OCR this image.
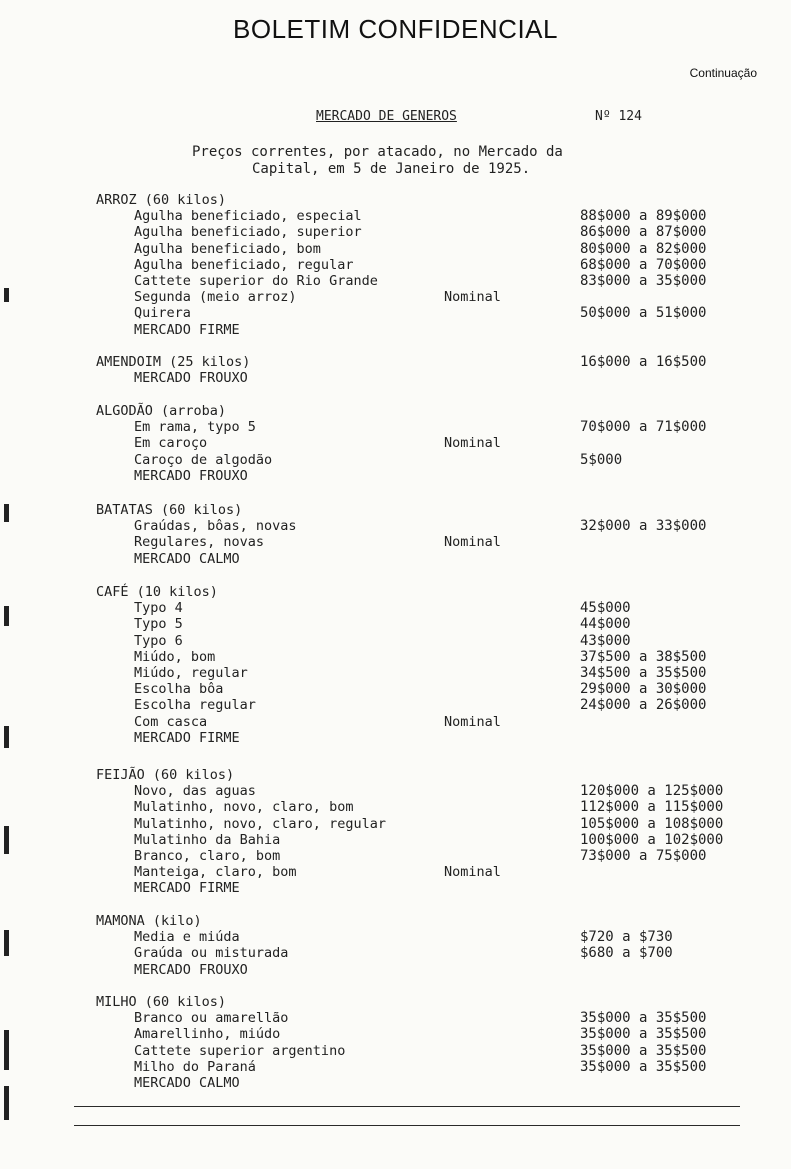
BOLETIM CONFIDENCIAL
Continuação
MERCADO DE GENEROS	Nº 124
Preços correntes, por atacado, no Mercado da
Capital, em 5 de Janeiro de 1925.
ARROZ (60 kilos)
Agulha beneficiado, especial	88$000 a 89$000
Agulha beneficiado, superior	86$000 a 87$000
Agulha beneficiado, bom	80$000 a 82$000
Agulha beneficiado, regular	68$000 a 70$000
Cattete superior do Rio Grande	83$000 a 35$000
Segunda (meio arroz)	Nominal
Quirera	50$000 a 51$000
MERCADO FIRME
AMENDOIM (25 kilos)	16$000 a 16$500
MERCADO FROUXO
ALGODÃO (arroba)
Em rama, typo 5	70$000 a 71$000
Em caroço	Nominal
Caroço de algodão	5$000
MERCADO FROUXO
BATATAS (60 kilos)
Graúdas, bôas, novas	32$000 a 33$000
Regulares, novas	Nominal
MERCADO CALMO
CAFÉ (10 kilos)
Typo 4	45$000
Typo 5	44$000
Typo 6	43$000
Miúdo, bom	37$500 a 38$500
Miúdo, regular	34$500 a 35$500
Escolha bôa	29$000 a 30$000
Escolha regular	24$000 a 26$000
Com casca	Nominal
MERCADO FIRME
FEIJÃO (60 kilos)
Novo, das aguas	120$000 a 125$000
Mulatinho, novo, claro, bom	112$000 a 115$000
Mulatinho, novo, claro, regular	105$000 a 108$000
Mulatinho da Bahia	100$000 a 102$000
Branco, claro, bom	73$000 a 75$000
Manteiga, claro, bom	Nominal
MERCADO FIRME
MAMONA (kilo)
Media e miúda	$720 a $730
Graúda ou misturada	$680 a $700
MERCADO FROUXO
MILHO (60 kilos)
Branco ou amarellão	35$000 a 35$500
Amarellinho, miúdo	35$000 a 35$500
Cattete superior argentino	35$000 a 35$500
Milho do Paraná	35$000 a 35$500
MERCADO CALMO
